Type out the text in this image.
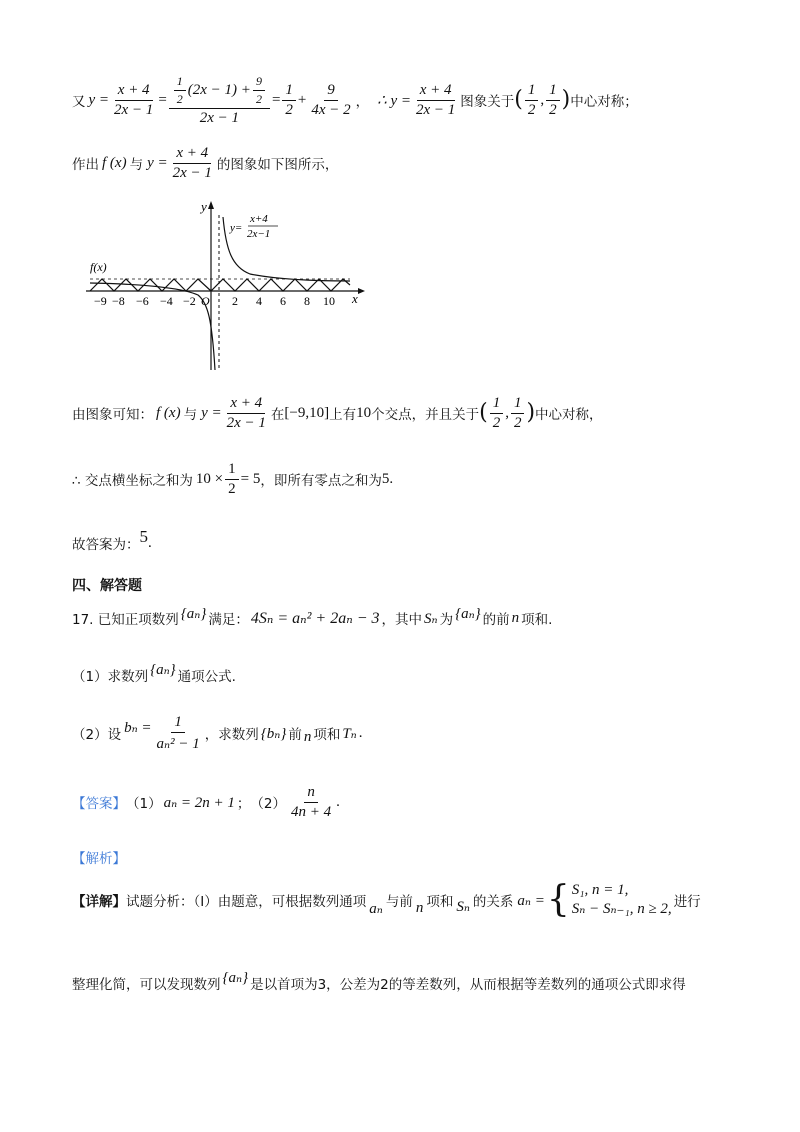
又 $y = \frac{x + 4}{2x - 1} = \frac{1}{2} (2x - 1) + \frac{9}{2}$
2x − 1
= $\frac{1}{2} + \frac{9}{4x - 2}$ ， ∴ $y = \frac{x + 4}{2x - 1}$ 图象关于 ( $\frac{1}{2}$ , $\frac{1}{2}$ ) 中心对称；
作出 f (x) 与 $y = \frac{x + 4}{2x - 1}$ 的图象如下图所示，
y
x
y=
x+4
2x−1
f(x)
O
−9 −8 −6 −4 −2	2 4 6 8 10
由图象可知： f (x) 与 $y = \frac{x + 4}{2x - 1}$ 在 [−9,10] 上有 10 个交点，并且关于 ( $\frac{1}{2}$ , $\frac{1}{2}$ ) 中心对称，
∴ 交点横坐标之和为 $10 \times \frac{1}{2} = 5$ ，即所有零点之和为 5 .
故答案为： 5 .
四、解答题
17. 已知正项数列 {aₙ} 满足： 4Sₙ = aₙ² + 2aₙ − 3 ，其中 Sₙ 为 {aₙ} 的前 n 项和.
（1）求数列 {aₙ} 通项公式.
（2）设 $b_n = \frac{1}{\text{aₙ² − 1}}$ ，求数列 {bₙ} 前 n 项和 Tₙ .
【答案】 （1） aₙ = 2n + 1 ； $(2) \frac{n}{4n + 4}$ .
【解析】
【详解】 试题分析：（Ⅰ）由题意，可根据数列通项 aₙ 与前 n 项和 Sₙ 的关系 aₙ = { S₁, n = 1,
Sₙ − Sₙ₋₁, n ≥ 2, 进行
整理化简，可以发现数列 {aₙ} 是以首项为3，公差为2的等差数列，从而根据等差数列的通项公式即求得
